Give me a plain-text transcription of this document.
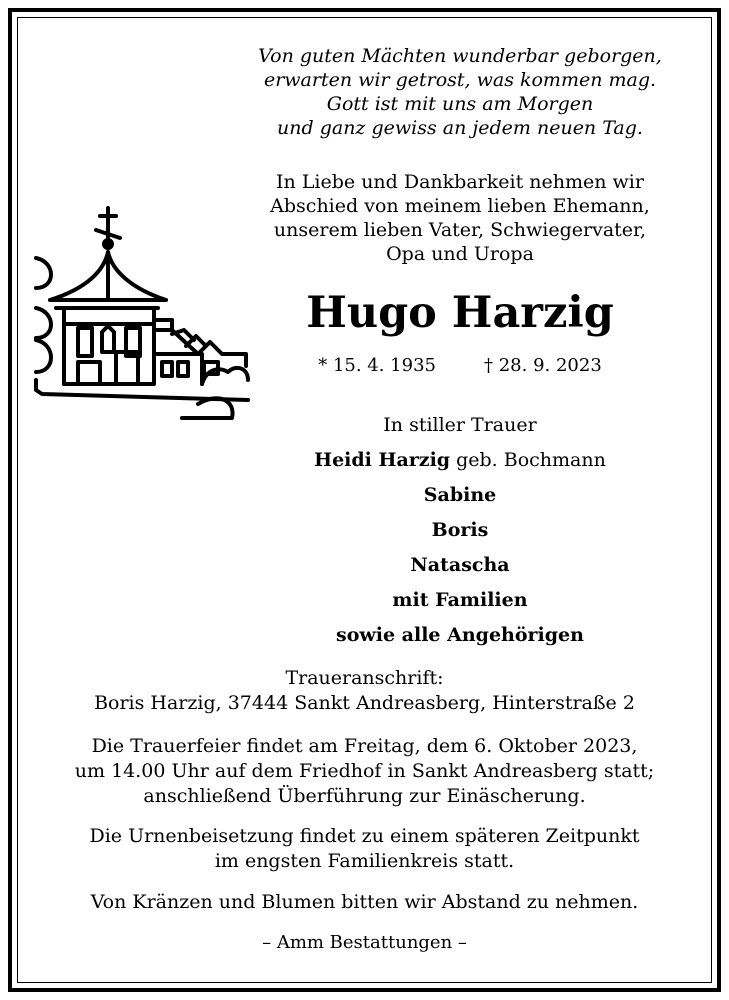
Von guten Mächten wunderbar geborgen,
erwarten wir getrost, was kommen mag.
Gott ist mit uns am Morgen
und ganz gewiss an jedem neuen Tag.
In Liebe und Dankbarkeit nehmen wir
Abschied von meinem lieben Ehemann,
unserem lieben Vater, Schwiegervater,
Opa und Uropa
Hugo Harzig
* 15. 4. 1935	† 28. 9. 2023
In stiller Trauer
Heidi Harzig geb. Bochmann
Sabine
Boris
Natascha
mit Familien
sowie alle Angehörigen
Traueranschrift:
Boris Harzig, 37444 Sankt Andreasberg, Hinterstraße 2
Die Trauerfeier findet am Freitag, dem 6. Oktober 2023,
um 14.00 Uhr auf dem Friedhof in Sankt Andreasberg statt;
anschließend Überführung zur Einäscherung.
Die Urnenbeisetzung findet zu einem späteren Zeitpunkt
im engsten Familienkreis statt.
Von Kränzen und Blumen bitten wir Abstand zu nehmen.
– Amm Bestattungen –
